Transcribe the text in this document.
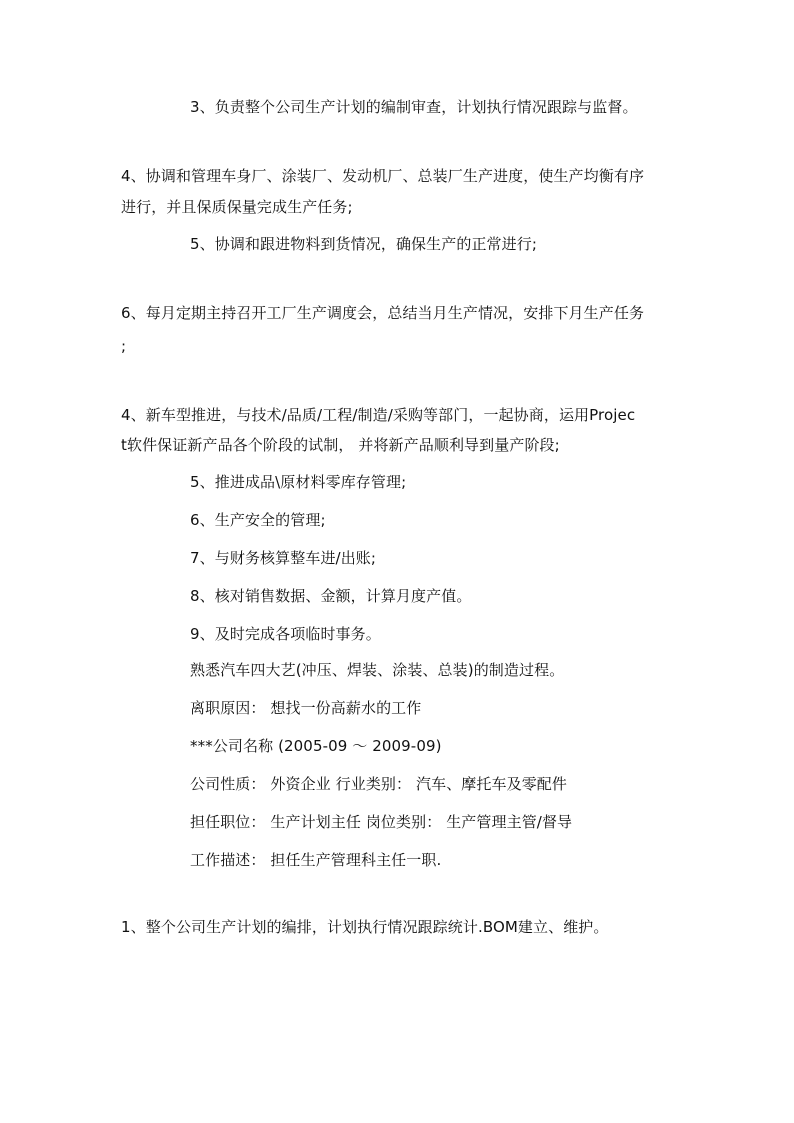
3、负责整个公司生产计划的编制审查，计划执行情况跟踪与监督。
4、协调和管理车身厂、涂装厂、发动机厂、总装厂生产进度，使生产均衡有序
进行，并且保质保量完成生产任务;
5、协调和跟进物料到货情况，确保生产的正常进行;
6、每月定期主持召开工厂生产调度会，总结当月生产情况，安排下月生产任务
;
4、新车型推进，与技术/品质/工程/制造/采购等部门，一起协商，运用Projec
t软件保证新产品各个阶段的试制， 并将新产品顺利导到量产阶段;
5、推进成品\原材料零库存管理;
6、生产安全的管理;
7、与财务核算整车进/出账;
8、核对销售数据、金额，计算月度产值。
9、及时完成各项临时事务。
熟悉汽车四大艺(冲压、焊装、涂装、总装)的制造过程。
离职原因： 想找一份高薪水的工作
***公司名称 (2005-09 ～ 2009-09)
公司性质： 外资企业 行业类别： 汽车、摩托车及零配件
担任职位： 生产计划主任 岗位类别： 生产管理主管/督导
工作描述： 担任生产管理科主任一职.
1、整个公司生产计划的编排，计划执行情况跟踪统计.BOM建立、维护。
